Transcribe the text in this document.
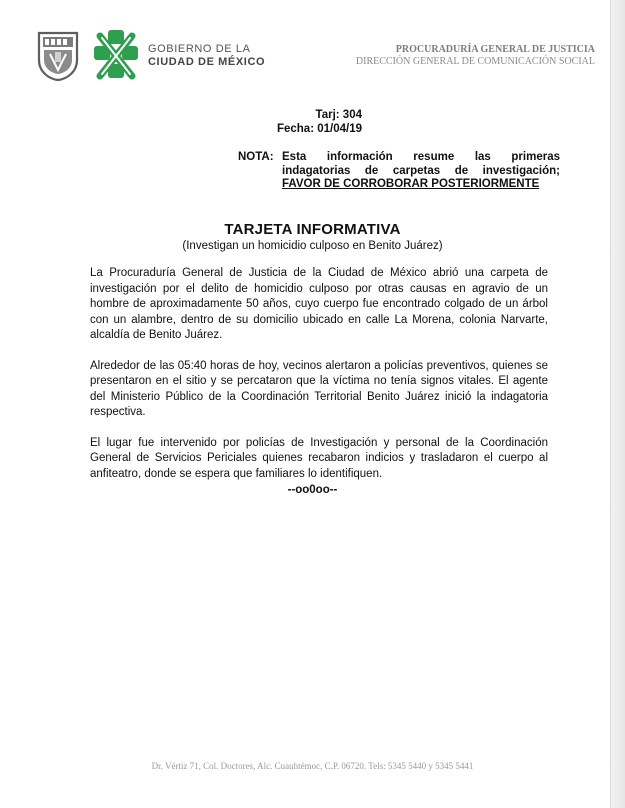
GOBIERNO DE LA
CIUDAD DE MÉXICO
PROCURADURÍA GENERAL DE JUSTICIA
DIRECCIÓN GENERAL DE COMUNICACIÓN SOCIAL
Tarj: 304
Fecha: 01/04/19
NOTA: Esta información resume las primeras
indagatorias de carpetas de investigación;
FAVOR DE CORROBORAR POSTERIORMENTE
TARJETA INFORMATIVA
(Investigan un homicidio culposo en Benito Juárez)

La Procuraduría General de Justicia de la Ciudad de México abrió una carpeta de investigación por el delito de homicidio culposo por otras causas en agravio de un hombre de aproximadamente 50 años, cuyo cuerpo fue encontrado colgado de un árbol con un alambre, dentro de su domicilio ubicado en calle La Morena, colonia Narvarte, alcaldía de Benito Juárez.

Alrededor de las 05:40 horas de hoy, vecinos alertaron a policías preventivos, quienes se presentaron en el sitio y se percataron que la víctima no tenía signos vitales. El agente del Ministerio Público de la Coordinación Territorial Benito Juárez inició la indagatoria respectiva.

El lugar fue intervenido por policías de Investigación y personal de la Coordinación General de Servicios Periciales quienes recabaron indicios y trasladaron el cuerpo al anfiteatro, donde se espera que familiares lo identifiquen.

--oo0oo--
Dr. Vértiz 71, Col. Doctores, Alc. Cuauhtémoc, C.P. 06720. Tels: 5345 5440 y 5345 5441
